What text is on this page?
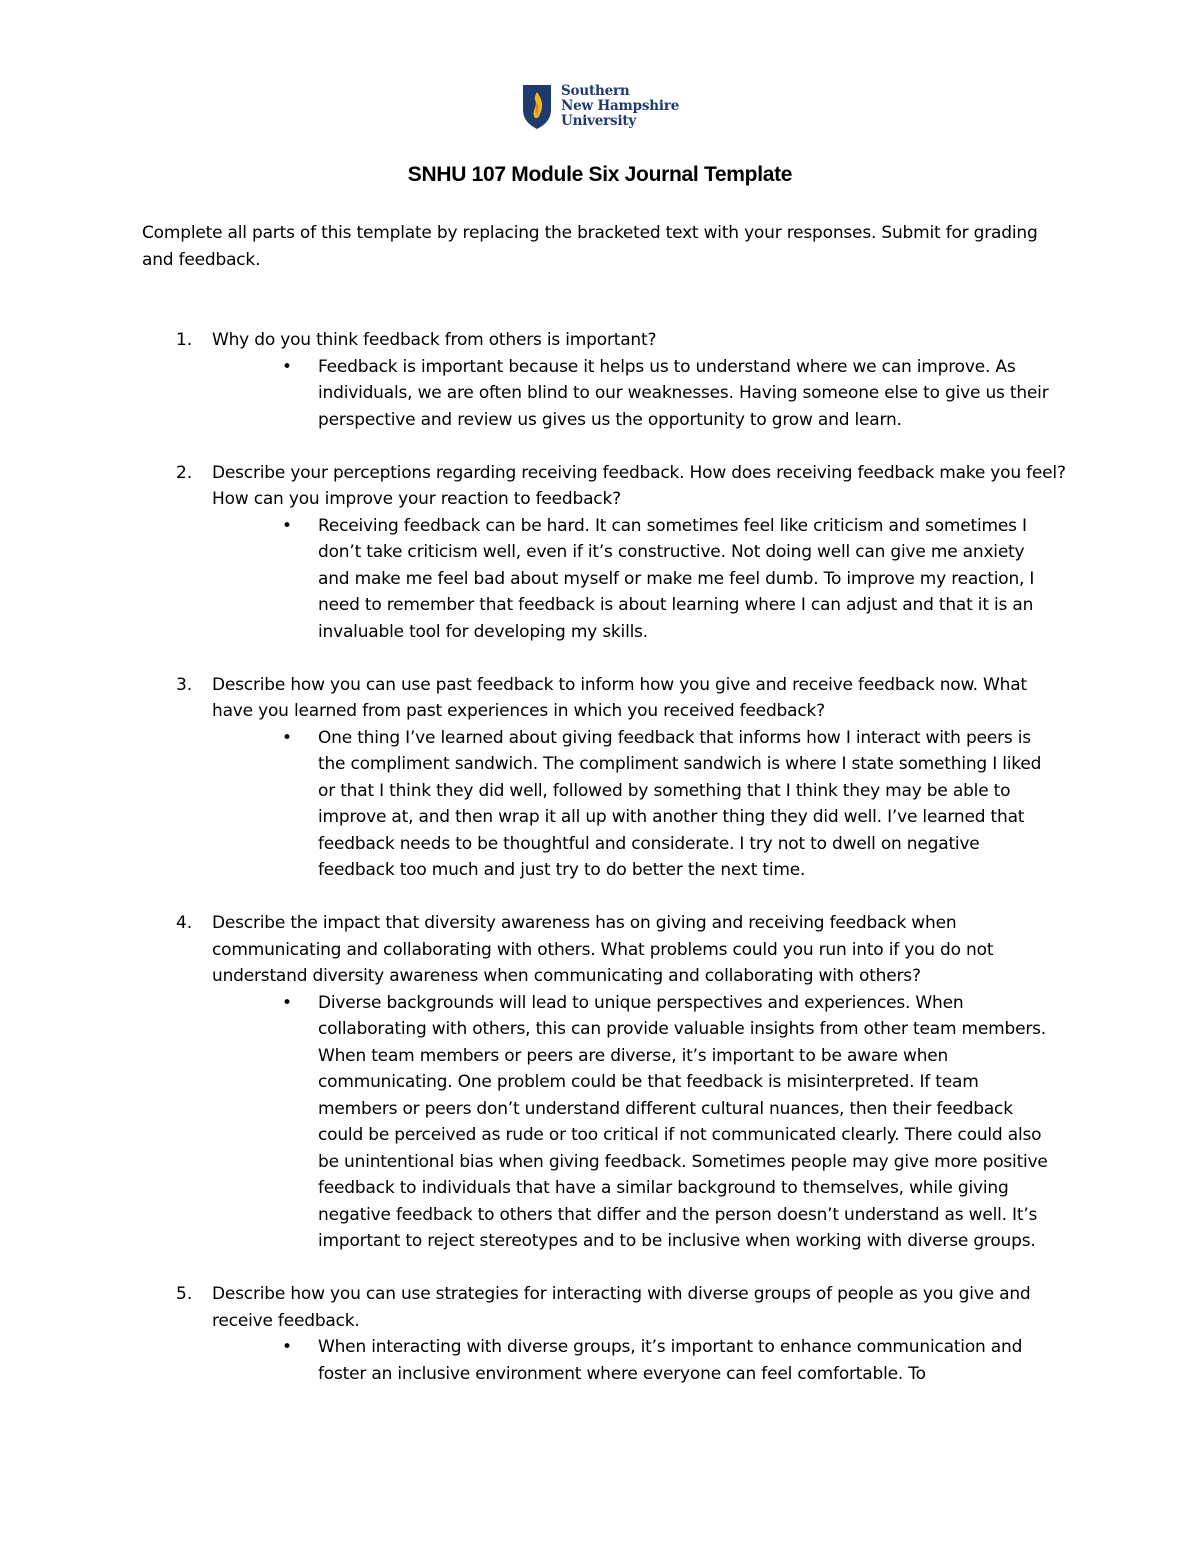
Southern
New Hampshire
University
SNHU 107 Module Six Journal Template
Complete all parts of this template by replacing the bracketed text with your responses. Submit for grading and feedback.
1. Why do you think feedback from others is important?
• Feedback is important because it helps us to understand where we can improve. As individuals, we are often blind to our weaknesses. Having someone else to give us their perspective and review us gives us the opportunity to grow and learn.
2. Describe your perceptions regarding receiving feedback. How does receiving feedback make you feel? How can you improve your reaction to feedback?
• Receiving feedback can be hard. It can sometimes feel like criticism and sometimes I don’t take criticism well, even if it’s constructive. Not doing well can give me anxiety and make me feel bad about myself or make me feel dumb. To improve my reaction, I need to remember that feedback is about learning where I can adjust and that it is an invaluable tool for developing my skills.
3. Describe how you can use past feedback to inform how you give and receive feedback now. What have you learned from past experiences in which you received feedback?
• One thing I’ve learned about giving feedback that informs how I interact with peers is the compliment sandwich. The compliment sandwich is where I state something I liked or that I think they did well, followed by something that I think they may be able to improve at, and then wrap it all up with another thing they did well. I’ve learned that feedback needs to be thoughtful and considerate. I try not to dwell on negative feedback too much and just try to do better the next time.
4. Describe the impact that diversity awareness has on giving and receiving feedback when communicating and collaborating with others. What problems could you run into if you do not understand diversity awareness when communicating and collaborating with others?
• Diverse backgrounds will lead to unique perspectives and experiences. When collaborating with others, this can provide valuable insights from other team members. When team members or peers are diverse, it’s important to be aware when communicating. One problem could be that feedback is misinterpreted. If team members or peers don’t understand different cultural nuances, then their feedback could be perceived as rude or too critical if not communicated clearly. There could also be unintentional bias when giving feedback. Sometimes people may give more positive feedback to individuals that have a similar background to themselves, while giving negative feedback to others that differ and the person doesn’t understand as well. It’s important to reject stereotypes and to be inclusive when working with diverse groups.
5. Describe how you can use strategies for interacting with diverse groups of people as you give and receive feedback.
• When interacting with diverse groups, it’s important to enhance communication and foster an inclusive environment where everyone can feel comfortable. To
